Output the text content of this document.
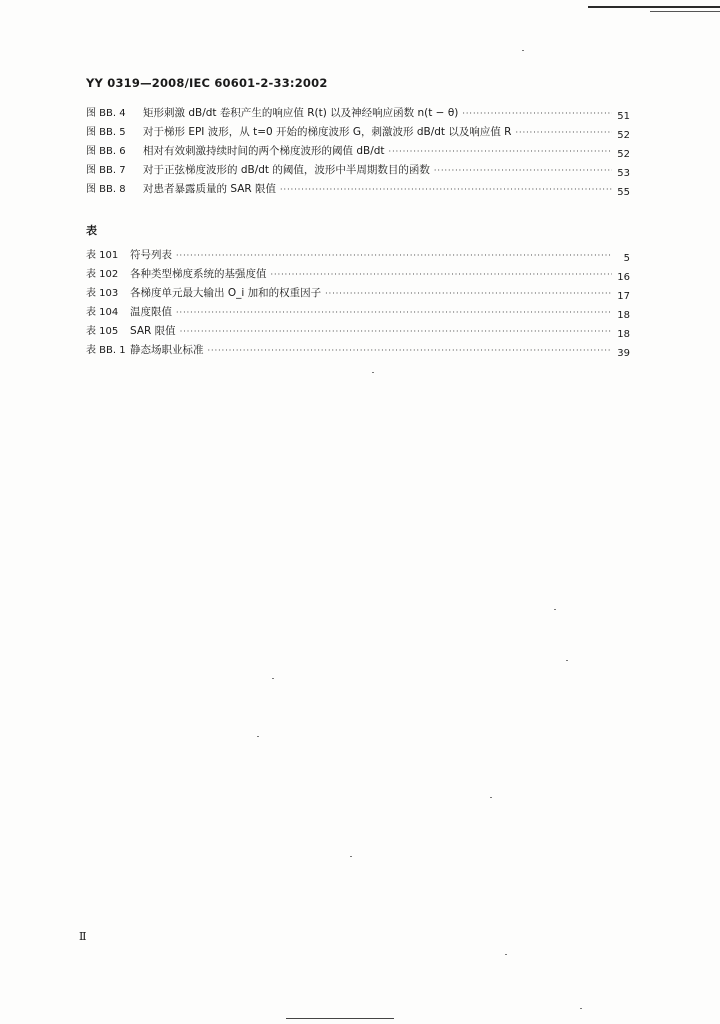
YY 0319—2008/IEC 60601-2-33:2002
图 BB. 4	矩形刺激 dB/dt 卷积产生的响应值 R(t) 以及神经响应函数 n(t − θ) ·····	51
图 BB. 5	对于梯形 EPI 波形，从 t=0 开始的梯度波形 G，刺激波形 dB/dt 以及响应值 R ·····	52
图 BB. 6	相对有效刺激持续时间的两个梯度波形的阈值 dB/dt ·····	52
图 BB. 7	对于正弦梯度波形的 dB/dt 的阈值，波形中半周期数目的函数 ·····	53
图 BB. 8	对患者暴露质量的 SAR 限值 ·····	55
表
表 101	符号列表 ·····	5
表 102	各种类型梯度系统的基强度值 ·····	16
表 103	各梯度单元最大输出 O_i 加和的权重因子 ·····	17
表 104	温度限值 ·····	18
表 105	SAR 限值 ·····	18
表 BB. 1 静态场职业标准 ·····	39
Ⅱ
